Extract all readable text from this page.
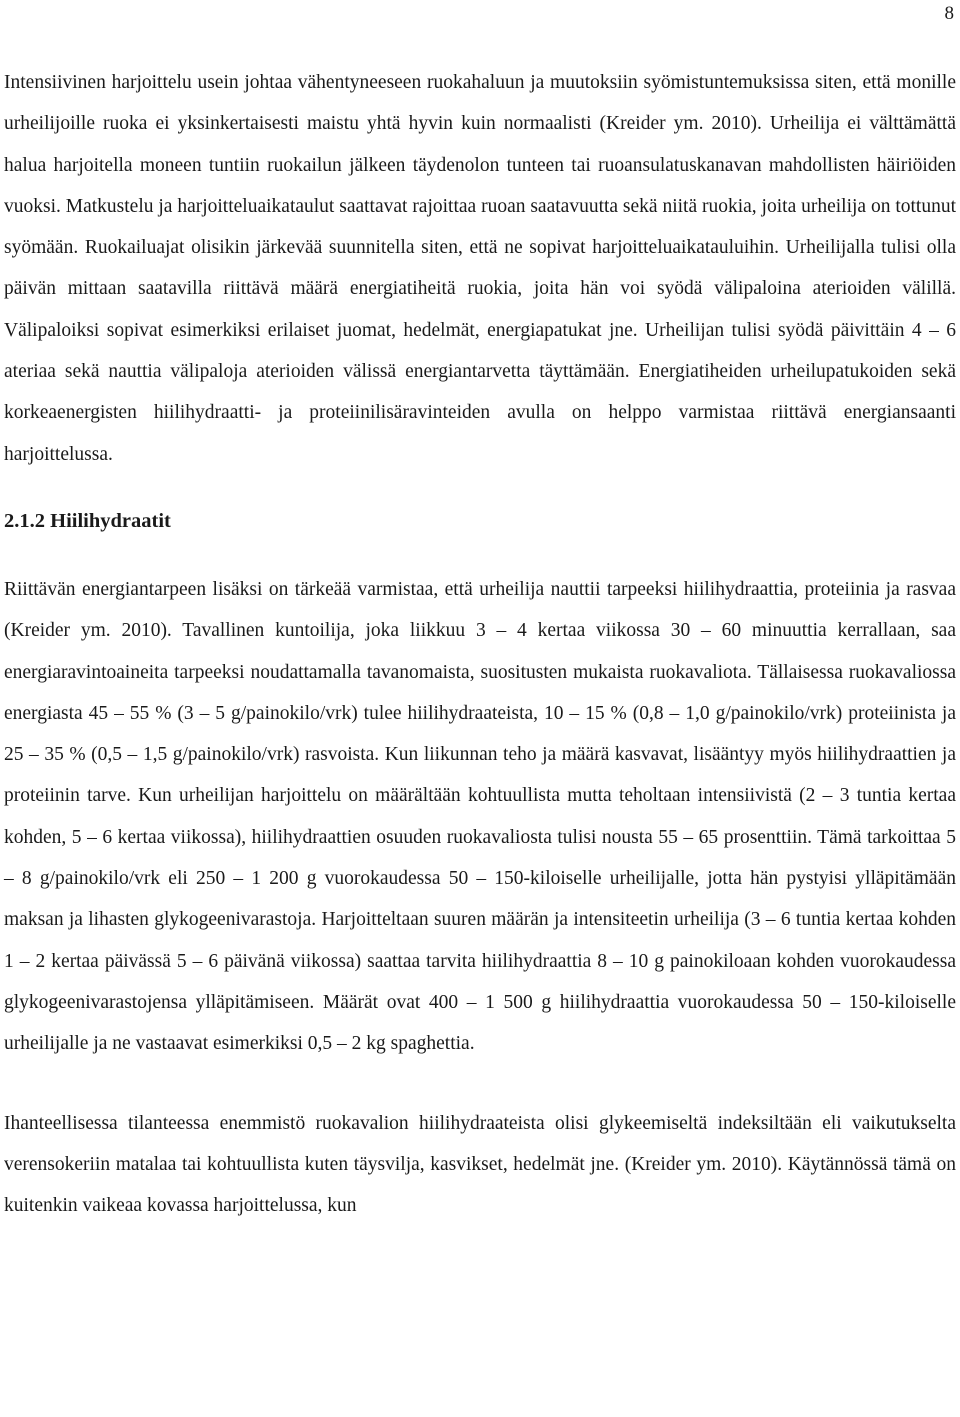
8

Intensiivinen harjoittelu usein johtaa vähentyneeseen ruokahaluun ja muutoksiin syömistuntemuksissa siten, että monille urheilijoille ruoka ei yksinkertaisesti maistu yhtä hyvin kuin normaalisti (Kreider ym. 2010). Urheilija ei välttämättä halua harjoitella moneen tuntiin ruokailun jälkeen täydenolon tunteen tai ruoansulatuskanavan mahdollisten häiriöiden vuoksi. Matkustelu ja harjoitteluaikataulut saattavat rajoittaa ruoan saatavuutta sekä niitä ruokia, joita urheilija on tottunut syömään. Ruokailuajat olisikin järkevää suunnitella siten, että ne sopivat harjoitteluaikatauluihin. Urheilijalla tulisi olla päivän mittaan saatavilla riittävä määrä energiatiheitä ruokia, joita hän voi syödä välipaloina aterioiden välillä. Välipaloiksi sopivat esimerkiksi erilaiset juomat, hedelmät, energiapatukat jne. Urheilijan tulisi syödä päivittäin 4 – 6 ateriaa sekä nauttia välipaloja aterioiden välissä energiantarvetta täyttämään. Energiatiheiden urheilupatukoiden sekä korkeaenergisten hiilihydraatti- ja proteiinilisäravinteiden avulla on helppo varmistaa riittävä energiansaanti harjoittelussa.

2.1.2 Hiilihydraatit

Riittävän energiantarpeen lisäksi on tärkeää varmistaa, että urheilija nauttii tarpeeksi hiilihydraattia, proteiinia ja rasvaa (Kreider ym. 2010). Tavallinen kuntoilija, joka liikkuu 3 – 4 kertaa viikossa 30 – 60 minuuttia kerrallaan, saa energiaravintoaineita tarpeeksi noudattamalla tavanomaista, suositusten mukaista ruokavaliota. Tällaisessa ruokavaliossa energiasta 45 – 55 % (3 – 5 g/painokilo/vrk) tulee hiilihydraateista, 10 – 15 % (0,8 – 1,0 g/painokilo/vrk) proteiinista ja 25 – 35 % (0,5 – 1,5 g/painokilo/vrk) rasvoista. Kun liikunnan teho ja määrä kasvavat, lisääntyy myös hiilihydraattien ja proteiinin tarve. Kun urheilijan harjoittelu on määrältään kohtuullista mutta teholtaan intensiivistä (2 – 3 tuntia kertaa kohden, 5 – 6 kertaa viikossa), hiilihydraattien osuuden ruokavaliosta tulisi nousta 55 – 65 prosenttiin. Tämä tarkoittaa 5 – 8 g/painokilo/vrk eli 250 – 1 200 g vuorokaudessa 50 – 150-kiloiselle urheilijalle, jotta hän pystyisi ylläpitämään maksan ja lihasten glykogeenivarastoja. Harjoitteltaan suuren määrän ja intensiteetin urheilija (3 – 6 tuntia kertaa kohden 1 – 2 kertaa päivässä 5 – 6 päivänä viikossa) saattaa tarvita hiilihydraattia 8 – 10 g painokiloaan kohden vuorokaudessa glykogeenivarastojensa ylläpitämiseen. Määrät ovat 400 – 1 500 g hiilihydraattia vuorokaudessa 50 – 150-kiloiselle urheilijalle ja ne vastaavat esimerkiksi 0,5 – 2 kg spaghettia.

Ihanteellisessa tilanteessa enemmistö ruokavalion hiilihydraateista olisi glykeemiseltä indeksiltään eli vaikutukselta verensokeriin matalaa tai kohtuullista kuten täysvilja, kasvikset, hedelmät jne. (Kreider ym. 2010). Käytännössä tämä on kuitenkin vaikeaa kovassa harjoittelussa, kun
